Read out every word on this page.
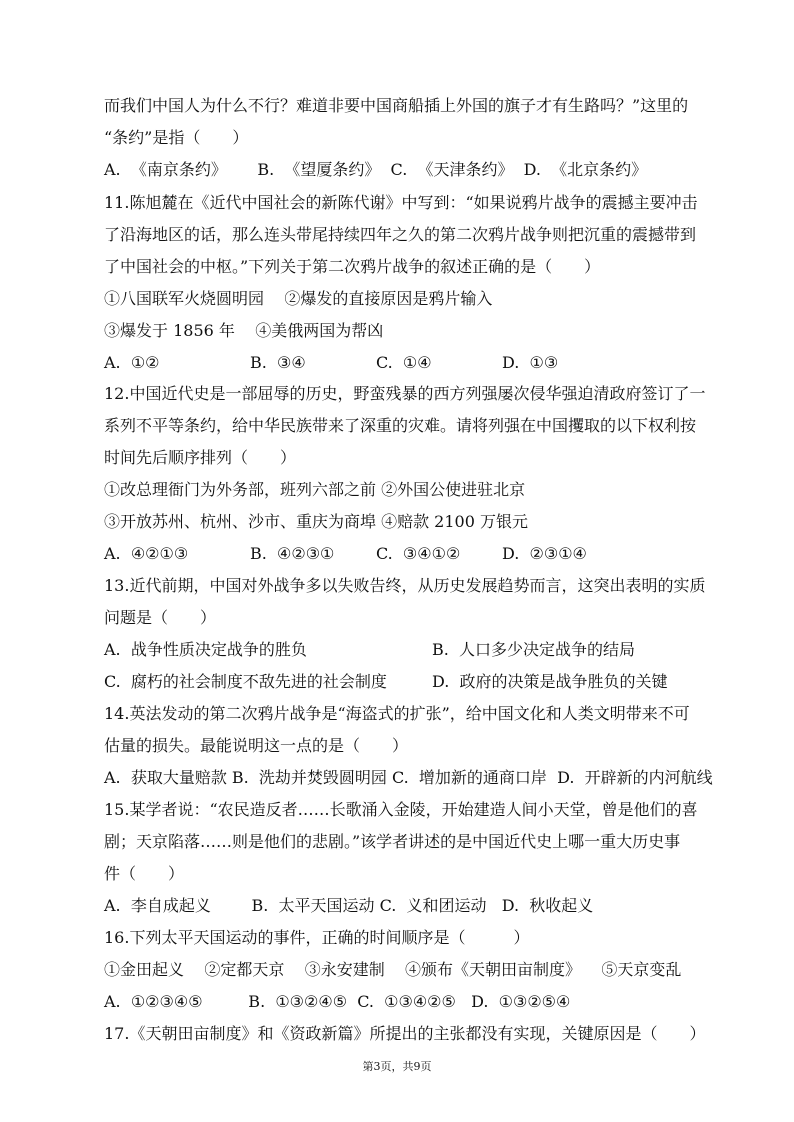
而我们中国人为什么不行？难道非要中国商船插上外国的旗子才有生路吗？”这里的
“条约”是指（　　）
A.  《南京条约》      B.  《望厦条约》  C.  《天津条约》  D.  《北京条约》
11.陈旭麓在《近代中国社会的新陈代谢》中写到：“如果说鸦片战争的震撼主要冲击
了沿海地区的话，那么连头带尾持续四年之久的第二次鸦片战争则把沉重的震撼带到
了中国社会的中枢。”下列关于第二次鸦片战争的叙述正确的是（　　）
①八国联军火烧圆明园    ②爆发的直接原因是鸦片输入
③爆发于 1856 年    ④美俄两国为帮凶

A.  ①②

	B.  ③④

	C.  ①④

	D.  ①③

12.中国近代史是一部屈辱的历史，野蛮残暴的西方列强屡次侵华强迫清政府签订了一
系列不平等条约，给中华民族带来了深重的灾难。请将列强在中国攫取的以下权利按
时间先后顺序排列（　　）
①改总理衙门为外务部，班列六部之前 ②外国公使进驻北京
③开放苏州、杭州、沙市、重庆为商埠 ④赔款 2100 万银元

A.  ④②①③

	B.  ④②③①

	C.  ③④①②

	D.  ②③①④

13.近代前期，中国对外战争多以失败告终，从历史发展趋势而言，这突出表明的实质
问题是（　　）

A.  战争性质决定战争的胜负

	B.  人口多少决定战争的结局

C.  腐朽的社会制度不敌先进的社会制度

	D.  政府的决策是战争胜负的关键

14.英法发动的第二次鸦片战争是“海盗式的扩张”，给中国文化和人类文明带来不可
估量的损失。最能说明这一点的是（　　）
A.  获取大量赔款 B.  洗劫并焚毁圆明园 C.  增加新的通商口岸  D.  开辟新的内河航线
15.某学者说：“农民造反者……长歌涌入金陵，开始建造人间小天堂，曾是他们的喜
剧；天京陷落……则是他们的悲剧。”该学者讲述的是中国近代史上哪一重大历史事
件（　　）
A.  李自成起义        B.  太平天国运动 C.  义和团运动   D.  秋收起义
16.下列太平天国运动的事件，正确的时间顺序是（　　　）
①金田起义    ②定都天京    ③永安建制    ④颁布《天朝田亩制度》    ⑤天京变乱
A.  ①②③④⑤         B.  ①③②④⑤  C.  ①③④②⑤   D.  ①③②⑤④
17.《天朝田亩制度》和《资政新篇》所提出的主张都没有实现，关键原因是（　　）
第3页，共9页
